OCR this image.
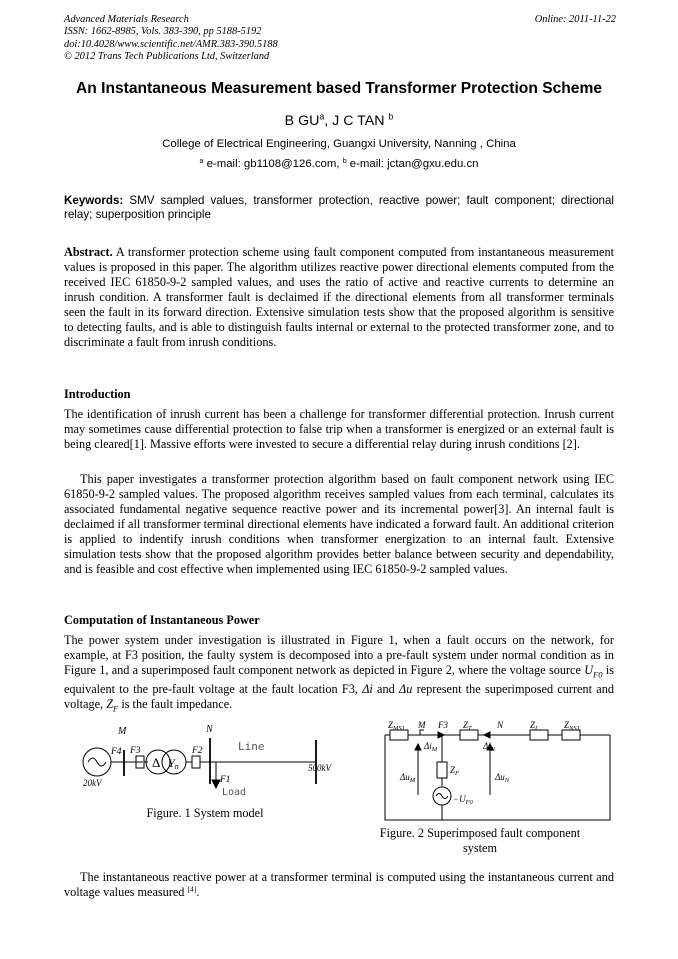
Advanced Materials Research
ISSN: 1662-8985, Vols. 383-390, pp 5188-5192
doi:10.4028/www.scientific.net/AMR.383-390.5188
© 2012 Trans Tech Publications Ltd, Switzerland
Online: 2011-11-22
An Instantaneous Measurement based Transformer Protection Scheme
B $GU^a$, J C TAN $^b$
College of Electrical Engineering, Guangxi University, Nanning , China
$^a$ e-mail: gb1108@126.com, $^b$ e-mail: jctan@gxu.edu.cn
Keywords: SMV sampled values, transformer protection, reactive power; fault component; directional relay; superposition principle
Abstract. A transformer protection scheme using fault component computed from instantaneous measurement values is proposed in this paper. The algorithm utilizes reactive power directional elements computed from the received IEC 61850-9-2 sampled values, and uses the ratio of active and reactive currents to determine an inrush condition. A transformer fault is declaimed if the directional elements from all transformer terminals seen the fault in its forward direction. Extensive simulation tests show that the proposed algorithm is sensitive to detecting faults, and is able to distinguish faults internal or external to the protected transformer zone, and to discriminate a fault from inrush conditions.
Introduction
The identification of inrush current has been a challenge for transformer differential protection. Inrush current may sometimes cause differential protection to false trip when a transformer is energized or an external fault is being cleared[1]. Massive efforts were invested to secure a differential relay during inrush conditions [2].
This paper investigates a transformer protection algorithm based on fault component network using IEC 61850-9-2 sampled values. The proposed algorithm receives sampled values from each terminal, calculates its associated fundamental negative sequence reactive power and its incremental power[3]. An internal fault is declaimed if all transformer terminal directional elements have indicated a forward fault. An additional criterion is applied to indentify inrush conditions when transformer energization to an internal fault. Extensive simulation tests show that the proposed algorithm provides better balance between security and dependability, and is feasible and cost effective when implemented using IEC 61850-9-2 sampled values.
Computation of Instantaneous Power
The power system under investigation is illustrated in Figure 1, when a fault occurs on the network, for example, at F3 position, the faulty system is decomposed into a pre-fault system under normal condition as in Figure 1, and a superimposed fault component network as depicted in Figure 2, where the voltage source $U_{F0}$ is equivalent to the pre-fault voltage at the fault location F3, Δi and Δu represent the superimposed current and voltage, $Z_F$ is the fault impedance.
M	N
F4 F3	F2
F1
Δ Yn
Line
Load
20kV
500kV
Figure. 1 System model
$Z_{MS1}$ M F3 $Z_T$	N	$Z_L$	$Z_{NS1}$
$\Delta i_M$	$\Delta i_N$
$Z_F$
$\Delta u_M$	$\Delta u_N$
$-U_{F0}$
Figure. 2 Superimposed fault component system
The instantaneous reactive power at a transformer terminal is computed using the instantaneous current and voltage values measured [4].
